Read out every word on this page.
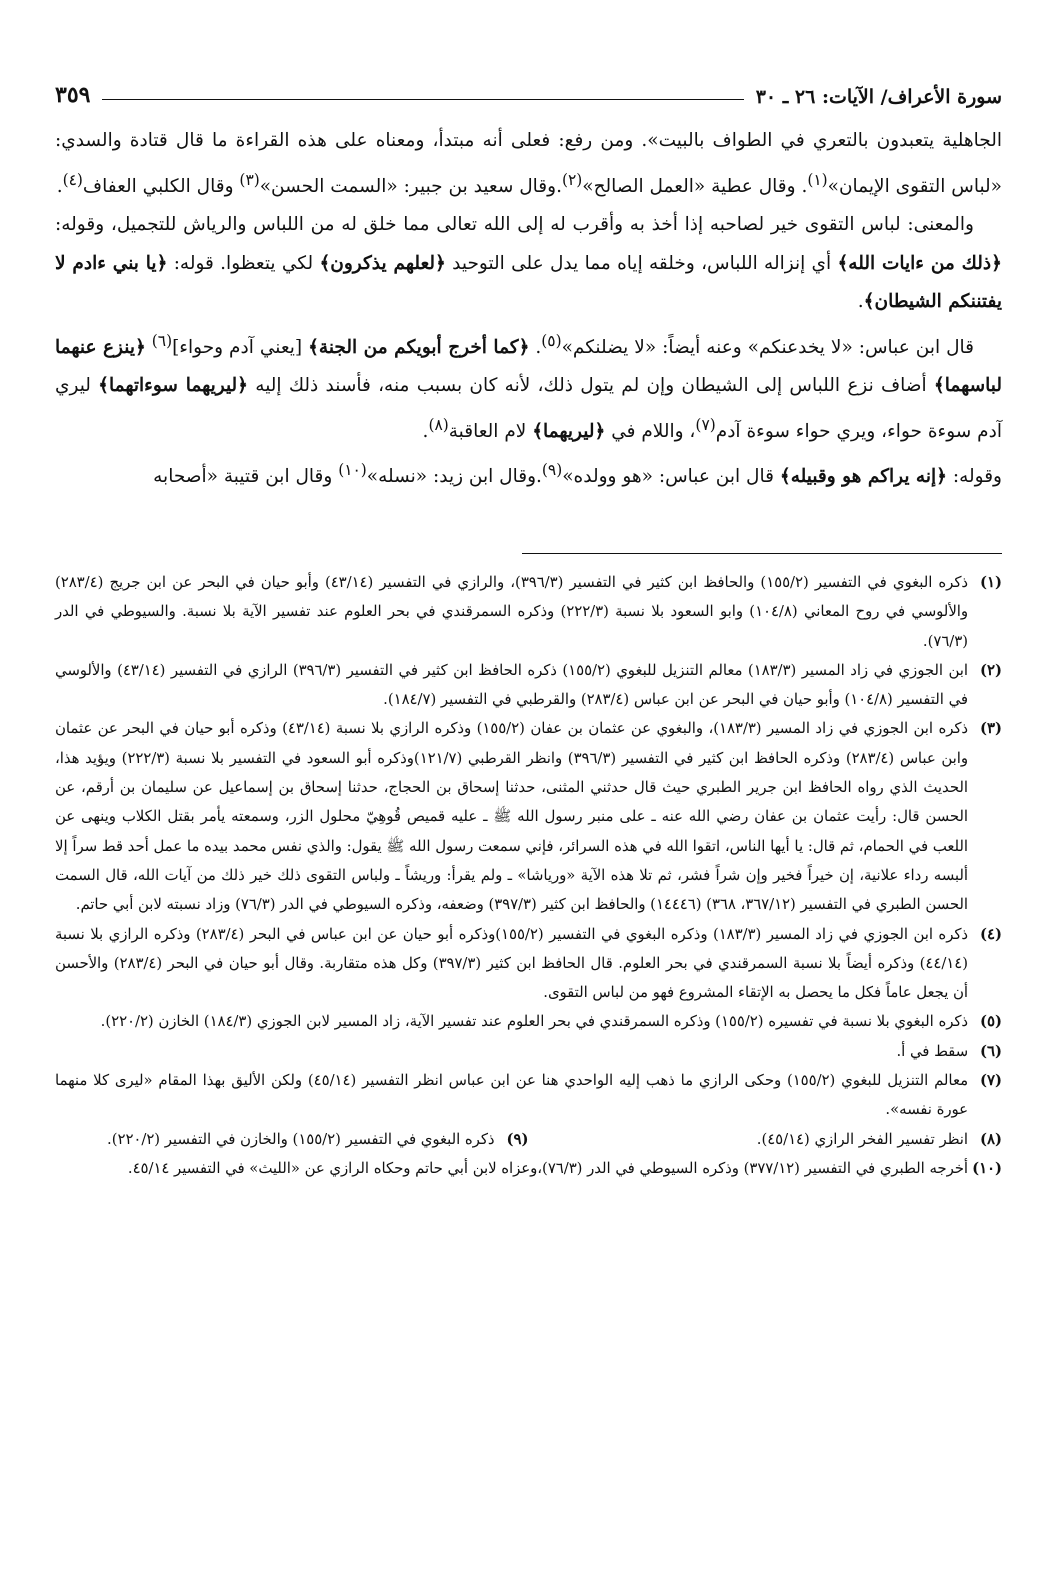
سورة الأعراف/ الآيات: ٢٦ ـ ٣٠
٣٥٩

الجاهلية يتعبدون بالتعري في الطواف بالبيت». ومن رفع: فعلى أنه مبتدأ، ومعناه على هذه القراءة ما قال قتادة والسدي: «لباس التقوى الإيمان»$^{(١)}$. وقال عطية «العمل الصالح»$^{(٢)}$.وقال سعيد بن جبير: «السمت الحسن»$^{(٣)}$ وقال الكلبي العفاف$^{(٤)}$.

والمعنى: لباس التقوى خير لصاحبه إذا أخذ به وأقرب له إلى الله تعالى مما خلق له من اللباس والرياش للتجميل، وقوله: ﴿ذلك من ءايات الله﴾ أي إنزاله اللباس، وخلقه إياه مما يدل على التوحيد ﴿لعلهم يذكرون﴾ لكي يتعظوا. قوله: ﴿يا بني ءادم لا يفتننكم الشيطان﴾.

قال ابن عباس: «لا يخدعنكم» وعنه أيضاً: «لا يضلنكم»$^{(٥)}$. ﴿كما أخرج أبويكم من الجنة﴾ [يعني آدم وحواء]$^{(٦)}$ ﴿ينزع عنهما لباسهما﴾ أضاف نزع اللباس إلى الشيطان وإن لم يتول ذلك، لأنه كان بسبب منه، فأسند ذلك إليه ﴿ليريهما سوءاتهما﴾ ليري آدم سوءة حواء، ويري حواء سوءة آدم$^{(٧)}$، واللام في ﴿ليريهما﴾ لام العاقبة$^{(٨)}$.

وقوله: ﴿إنه يراكم هو وقبيله﴾ قال ابن عباس: «هو وولده»$^{(٩)}$.وقال ابن زيد: «نسله»$^{(١٠)}$ وقال ابن قتيبة «أصحابه

(١)
ذكره البغوي في التفسير (١٥٥/٢) والحافظ ابن كثير في التفسير (٣٩٦/٣)، والرازي في التفسير (٤٣/١٤) وأبو حيان في البحر عن ابن جريج (٢٨٣/٤) والألوسي في روح المعاني (١٠٤/٨) وابو السعود بلا نسبة (٢٢٢/٣) وذكره السمرقندي في بحر العلوم عند تفسير الآية بلا نسبة. والسيوطي في الدر (٧٦/٣).
(٢)
ابن الجوزي في زاد المسير (١٨٣/٣) معالم التنزيل للبغوي (١٥٥/٢) ذكره الحافظ ابن كثير في التفسير (٣٩٦/٣) الرازي في التفسير (٤٣/١٤) والألوسي في التفسير (١٠٤/٨) وأبو حيان في البحر عن ابن عباس (٢٨٣/٤) والقرطبي في التفسير (١٨٤/٧).
(٣)
ذكره ابن الجوزي في زاد المسير (١٨٣/٣)، والبغوي عن عثمان بن عفان (١٥٥/٢) وذكره الرازي بلا نسبة (٤٣/١٤) وذكره أبو حيان في البحر عن عثمان وابن عباس (٢٨٣/٤) وذكره الحافظ ابن كثير في التفسير (٣٩٦/٣) وانظر القرطبي (١٢١/٧)وذكره أبو السعود في التفسير بلا نسبة (٢٢٢/٣) ويؤيد هذا، الحديث الذي رواه الحافظ ابن جرير الطبري حيث قال حدثني المثنى، حدثنا إسحاق بن الحجاج، حدثنا إسحاق بن إسماعيل عن سليمان بن أرقم، عن الحسن قال: رأيت عثمان بن عفان رضي الله عنه ـ على منبر رسول الله ﷺ ـ عليه قميص قُوهِيّ محلول الزر، وسمعته يأمر بقتل الكلاب وينهى عن اللعب في الحمام، ثم قال: يا أيها الناس، اتقوا الله في هذه السرائر، فإني سمعت رسول الله ﷺ يقول: والذي نفس محمد بيده ما عمل أحد قط سراً إلا ألبسه رداء علانية، إن خيراً فخير وإن شراً فشر، ثم تلا هذه الآية «ورياشا» ـ ولم يقرأ: وريشاً ـ ولباس التقوى ذلك خير ذلك من آيات الله، قال السمت الحسن الطبري في التفسير (٣٦٧/١٢، ٣٦٨) (١٤٤٤٦) والحافظ ابن كثير (٣٩٧/٣) وضعفه، وذكره السيوطي في الدر (٧٦/٣) وزاد نسبته لابن أبي حاتم.
(٤)
ذكره ابن الجوزي في زاد المسير (١٨٣/٣) وذكره البغوي في التفسير (١٥٥/٢)وذكره أبو حيان عن ابن عباس في البحر (٢٨٣/٤) وذكره الرازي بلا نسبة (٤٤/١٤) وذكره أيضاً بلا نسبة السمرقندي في بحر العلوم. قال الحافظ ابن كثير (٣٩٧/٣) وكل هذه متقاربة. وقال أبو حيان في البحر (٢٨٣/٤) والأحسن أن يجعل عاماً فكل ما يحصل به الإتقاء المشروع فهو من لباس التقوى.
(٥)
ذكره البغوي بلا نسبة في تفسيره (١٥٥/٢) وذكره السمرقندي في بحر العلوم عند تفسير الآية، زاد المسير لابن الجوزي (١٨٤/٣) الخازن (٢٢٠/٢).
(٦)
سقط في أ.
(٧)
معالم التنزيل للبغوي (١٥٥/٢) وحكى الرازي ما ذهب إليه الواحدي هنا عن ابن عباس انظر التفسير (٤٥/١٤) ولكن الأليق بهذا المقام «ليرى كلا منهما عورة نفسه».
(٨)
انظر تفسير الفخر الرازي (٤٥/١٤).
(٩)
ذكره البغوي في التفسير (١٥٥/٢) والخازن في التفسير (٢٢٠/٢).
(١٠)
أخرجه الطبري في التفسير (٣٧٧/١٢) وذكره السيوطي في الدر (٧٦/٣)،وعزاه لابن أبي حاتم وحكاه الرازي عن «الليث» في التفسير ٤٥/١٤.
